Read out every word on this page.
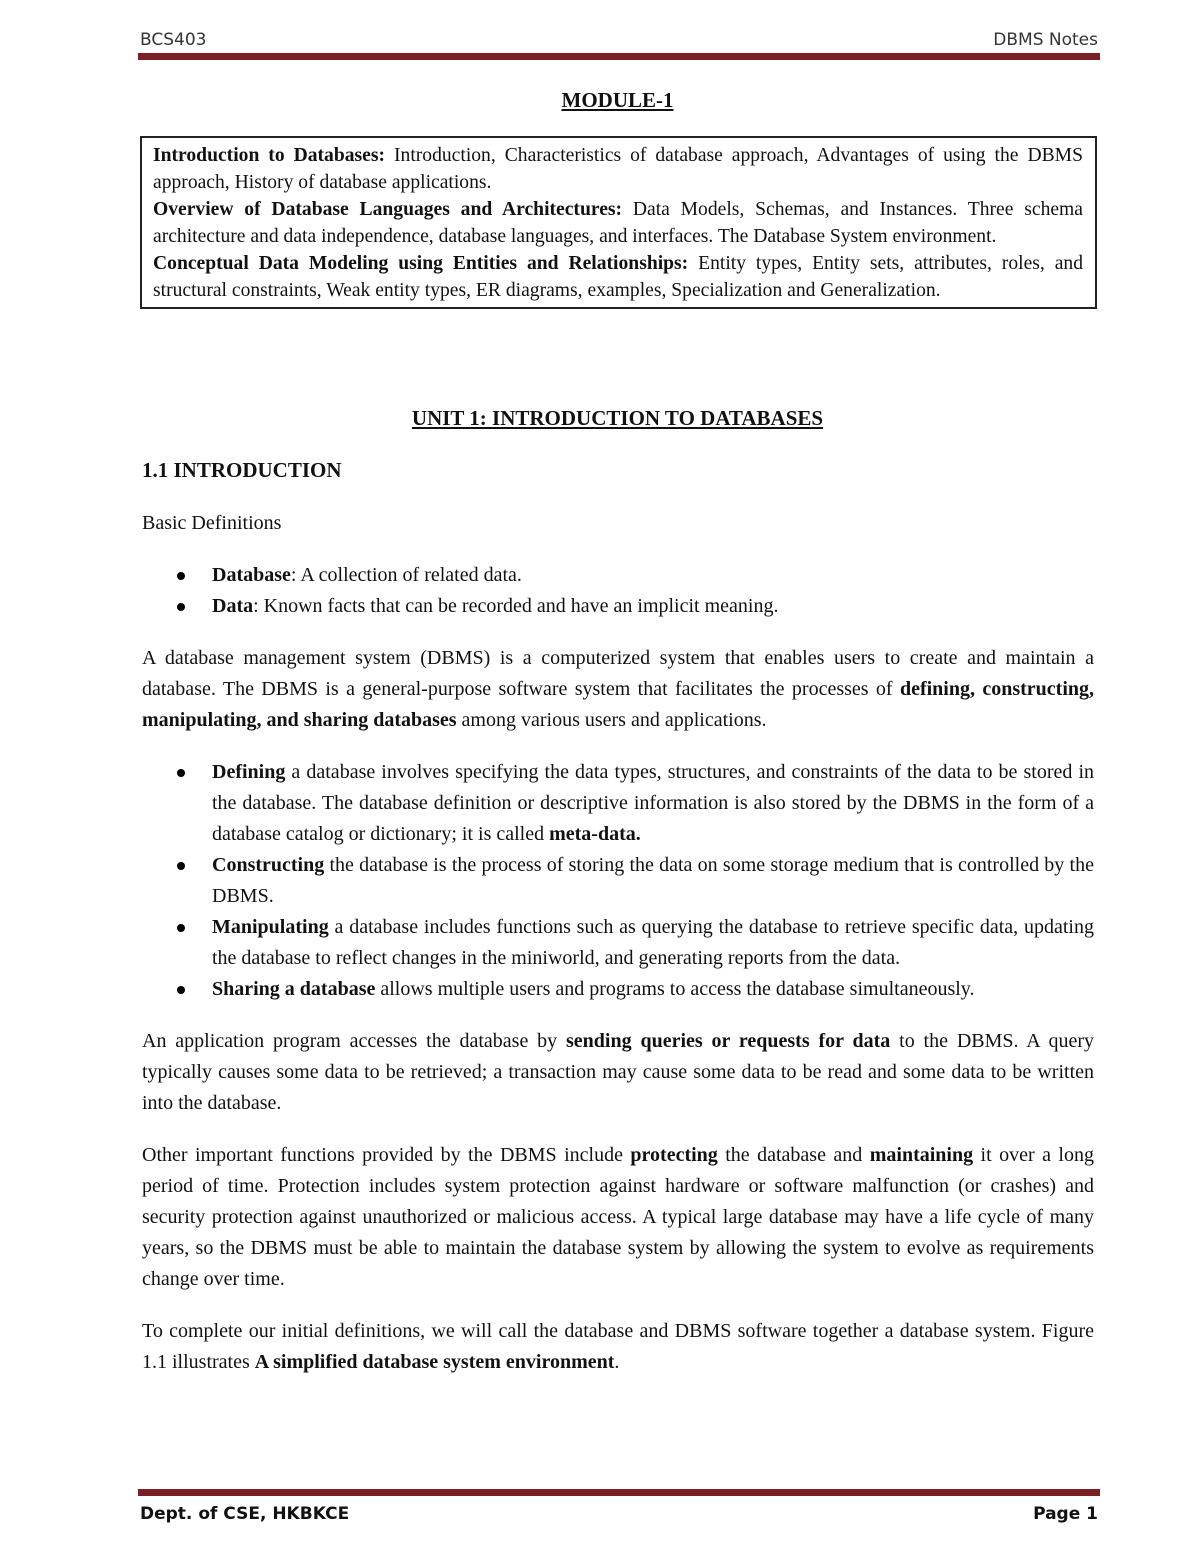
BCS403	DBMS Notes
MODULE-1

Introduction to Databases: Introduction, Characteristics of database approach, Advantages of using the DBMS approach, History of database applications.

Overview of Database Languages and Architectures: Data Models, Schemas, and Instances. Three schema architecture and data independence, database languages, and interfaces. The Database System environment.

Conceptual Data Modeling using Entities and Relationships: Entity types, Entity sets, attributes, roles, and structural constraints, Weak entity types, ER diagrams, examples, Specialization and Generalization.

UNIT 1: INTRODUCTION TO DATABASES
1.1 INTRODUCTION

Basic Definitions

Database: A collection of related data.
Data: Known facts that can be recorded and have an implicit meaning.

A database management system (DBMS) is a computerized system that enables users to create and maintain a database. The DBMS is a general-purpose software system that facilitates the processes of defining, constructing, manipulating, and sharing databases among various users and applications.

Defining a database involves specifying the data types, structures, and constraints of the data to be stored in the database. The database definition or descriptive information is also stored by the DBMS in the form of a database catalog or dictionary; it is called meta-data.
Constructing the database is the process of storing the data on some storage medium that is controlled by the DBMS.
Manipulating a database includes functions such as querying the database to retrieve specific data, updating the database to reflect changes in the miniworld, and generating reports from the data.
Sharing a database allows multiple users and programs to access the database simultaneously.

An application program accesses the database by sending queries or requests for data to the DBMS. A query typically causes some data to be retrieved; a transaction may cause some data to be read and some data to be written into the database.

Other important functions provided by the DBMS include protecting the database and maintaining it over a long period of time. Protection includes system protection against hardware or software malfunction (or crashes) and security protection against unauthorized or malicious access. A typical large database may have a life cycle of many years, so the DBMS must be able to maintain the database system by allowing the system to evolve as requirements change over time.

To complete our initial definitions, we will call the database and DBMS software together a database system. Figure 1.1 illustrates A simplified database system environment.

Dept. of CSE, HKBKCE	Page 1
